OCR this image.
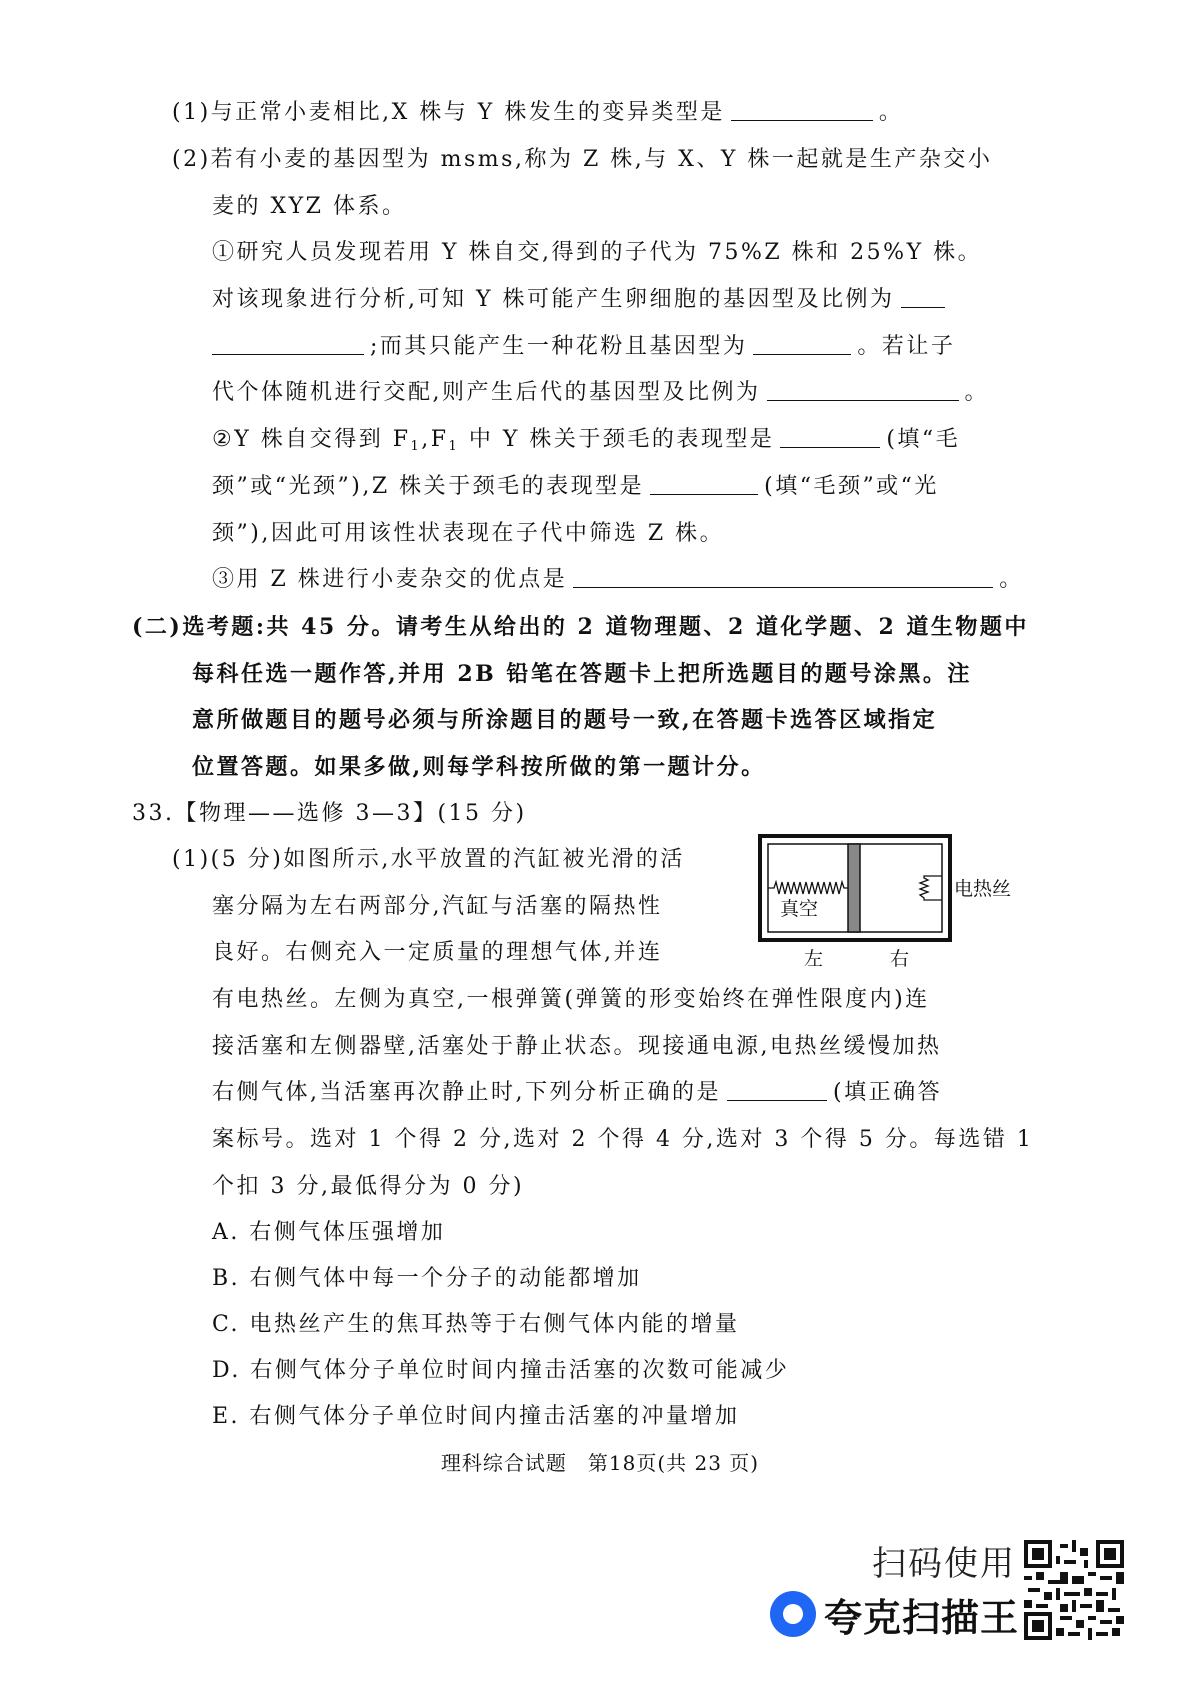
(1)与正常小麦相比,X 株与 Y 株发生的变异类型是	。
(2)若有小麦的基因型为 msms,称为 Z 株,与 X、Y 株一起就是生产杂交小
麦的 XYZ 体系。
①研究人员发现若用 Y 株自交,得到的子代为 75%Z 株和 25%Y 株。
对该现象进行分析,可知 Y 株可能产生卵细胞的基因型及比例为
;而其只能产生一种花粉且基因型为	。若让子
代个体随机进行交配,则产生后代的基因型及比例为	。
②Y 株自交得到 $F_1,F_1$ 中 Y 株关于颈毛的表现型是	(填“毛
颈”或“光颈”),Z 株关于颈毛的表现型是	(填“毛颈”或“光
颈”),因此可用该性状表现在子代中筛选 Z 株。
③用 Z 株进行小麦杂交的优点是	。
(二)选考题:共 45 分。请考生从给出的 2 道物理题、2 道化学题、2 道生物题中
每科任选一题作答,并用 2B 铅笔在答题卡上把所选题目的题号涂黑。注
意所做题目的题号必须与所涂题目的题号一致,在答题卡选答区域指定
位置答题。如果多做,则每学科按所做的第一题计分。
33.【物理——选修 3—3】(15 分)
(1)(5 分)如图所示,水平放置的汽缸被光滑的活
塞分隔为左右两部分,汽缸与活塞的隔热性
良好。右侧充入一定质量的理想气体,并连
真空
电热丝
左	右
有电热丝。左侧为真空,一根弹簧(弹簧的形变始终在弹性限度内)连
接活塞和左侧器壁,活塞处于静止状态。现接通电源,电热丝缓慢加热
右侧气体,当活塞再次静止时,下列分析正确的是	(填正确答
案标号。选对 1 个得 2 分,选对 2 个得 4 分,选对 3 个得 5 分。每选错 1
个扣 3 分,最低得分为 0 分)
A. 右侧气体压强增加
B. 右侧气体中每一个分子的动能都增加
C. 电热丝产生的焦耳热等于右侧气体内能的增量
D. 右侧气体分子单位时间内撞击活塞的次数可能减少
E. 右侧气体分子单位时间内撞击活塞的冲量增加
理科综合试题　第18页(共 23 页)
扫码使用
夸克扫描王
